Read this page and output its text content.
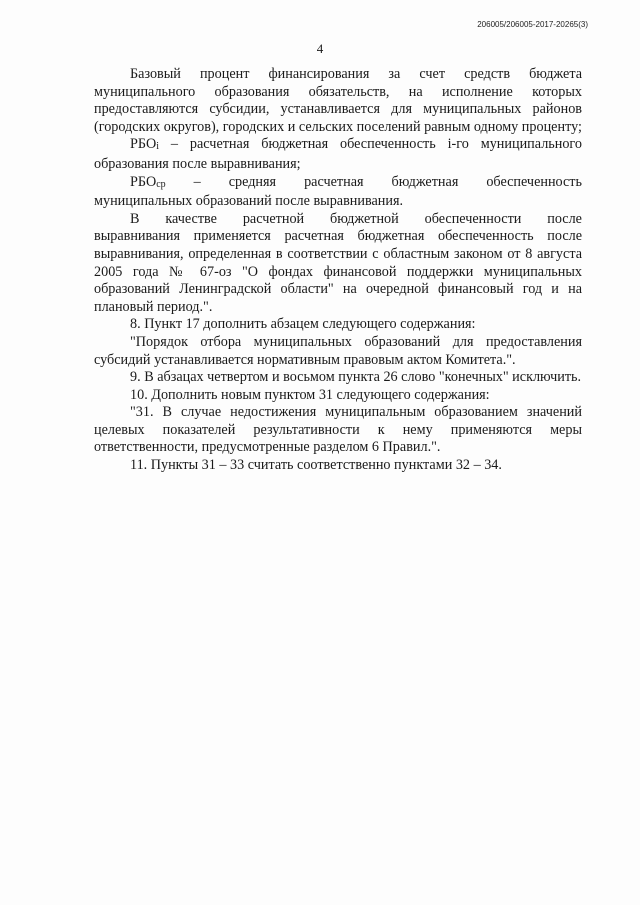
206005/206005-2017-20265(3)
4

Базовый процент финансирования за счет средств бюджета муниципального образования обязательств, на исполнение которых предоставляются субсидии, устанавливается для муниципальных районов (городских округов), городских и сельских поселений равным одному проценту;

$РБО_i$ – расчетная бюджетная обеспеченность i-го муниципального образования после выравнивания;

$РБО_{ср}$ – средняя расчетная бюджетная обеспеченность

муниципальных образований после выравнивания.

В качестве расчетной бюджетной обеспеченности после

выравнивания применяется расчетная бюджетная обеспеченность после выравнивания, определенная в соответствии с областным законом от 8 августа 2005 года № 67-оз "О фондах финансовой поддержки муниципальных образований Ленинградской области" на очередной финансовый год и на плановый период.".

8. Пункт 17 дополнить абзацем следующего содержания:

"Порядок отбора муниципальных образований для предоставления субсидий устанавливается нормативным правовым актом Комитета.".

9. В абзацах четвертом и восьмом пункта 26 слово "конечных" исключить.

10. Дополнить новым пунктом 31 следующего содержания:

"31. В случае недостижения муниципальным образованием значений целевых показателей результативности к нему применяются меры ответственности, предусмотренные разделом 6 Правил.".

11. Пункты 31 – 33 считать соответственно пунктами 32 – 34.
